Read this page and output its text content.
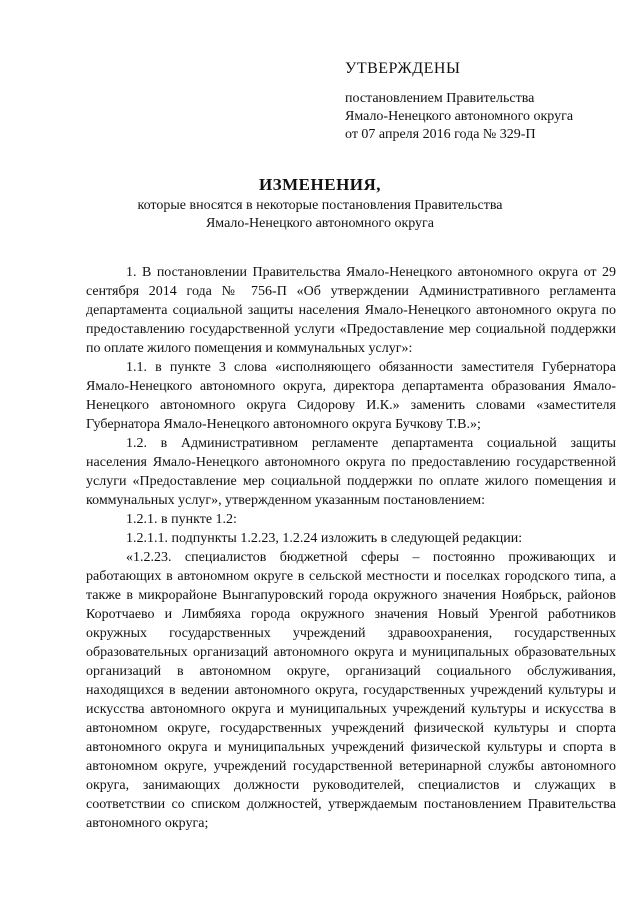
УТВЕРЖДЕНЫ
постановлением Правительства
Ямало-Ненецкого автономного округа
от 07 апреля 2016 года № 329-П
ИЗМЕНЕНИЯ,
которые вносятся в некоторые постановления Правительства
Ямало-Ненецкого автономного округа

1. В постановлении Правительства Ямало-Ненецкого автономного округа от 29 сентября 2014 года № 756-П «Об утверждении Административного регламента департамента социальной защиты населения Ямало-Ненецкого автономного округа по предоставлению государственной услуги «Предоставление мер социальной поддержки по оплате жилого помещения и коммунальных услуг»:

1.1. в пункте 3 слова «исполняющего обязанности заместителя Губернатора Ямало-Ненецкого автономного округа, директора департамента образования Ямало-Ненецкого автономного округа Сидорову И.К.» заменить словами «заместителя Губернатора Ямало-Ненецкого автономного округа Бучкову Т.В.»;

1.2. в Административном регламенте департамента социальной защиты населения Ямало-Ненецкого автономного округа по предоставлению государственной услуги «Предоставление мер социальной поддержки по оплате жилого помещения и коммунальных услуг», утвержденном указанным постановлением:

1.2.1. в пункте 1.2:

1.2.1.1. подпункты 1.2.23, 1.2.24 изложить в следующей редакции:

«1.2.23. специалистов бюджетной сферы – постоянно проживающих и работающих в автономном округе в сельской местности и поселках городского типа, а также в микрорайоне Вынгапуровский города окружного значения Ноябрьск, районов Коротчаево и Лимбяяха города окружного значения Новый Уренгой работников окружных государственных учреждений здравоохранения, государственных образовательных организаций автономного округа и муниципальных образовательных организаций в автономном округе, организаций социального обслуживания, находящихся в ведении автономного округа, государственных учреждений культуры и искусства автономного округа и муниципальных учреждений культуры и искусства в автономном округе, государственных учреждений физической культуры и спорта автономного округа и муниципальных учреждений физической культуры и спорта в автономном округе, учреждений государственной ветеринарной службы автономного округа, занимающих должности руководителей, специалистов и служащих в соответствии со списком должностей, утверждаемым постановлением Правительства автономного округа;
